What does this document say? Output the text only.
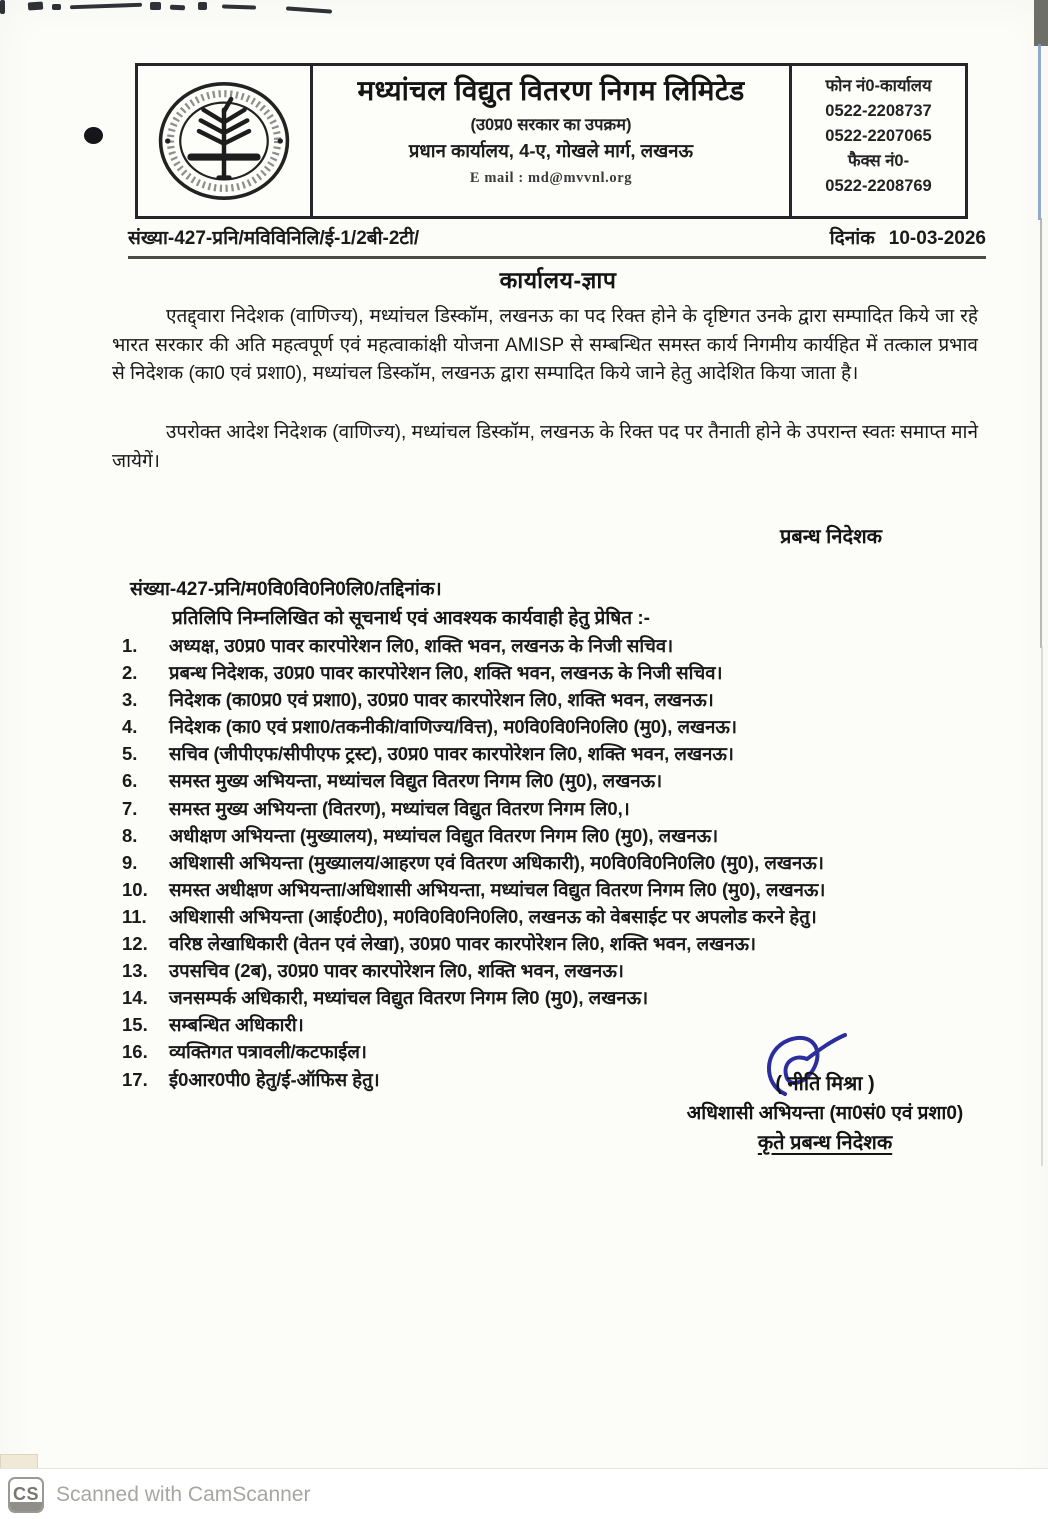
मध्यांचल विद्युत वितरण निगम लिमिटेड
(उ0प्र0 सरकार का उपक्रम)
प्रधान कार्यालय, 4-ए, गोखले मार्ग, लखनऊ
E mail : md@mvvnl.org
फोन नं0-कार्यालय
0522-2208737
0522-2207065
फैक्स नं0-
0522-2208769
संख्या-427-प्रनि/मविविनिलि/ई-1/2बी-2टी/	दिनांक 10-03-2026
कार्यालय-ज्ञाप
एतद्द्वारा निदेशक (वाणिज्य), मध्यांचल डिस्कॉम, लखनऊ का पद रिक्त होने के दृष्टिगत उनके द्वारा सम्पादित किये जा रहे भारत सरकार की अति महत्वपूर्ण एवं महत्वाकांक्षी योजना AMISP से सम्बन्धित समस्त कार्य निगमीय कार्यहित में तत्काल प्रभाव से निदेशक (का0 एवं प्रशा0), मध्यांचल डिस्कॉम, लखनऊ द्वारा सम्पादित किये जाने हेतु आदेशित किया जाता है।
उपरोक्त आदेश निदेशक (वाणिज्य), मध्यांचल डिस्कॉम, लखनऊ के रिक्त पद पर तैनाती होने के उपरान्त स्वतः समाप्त माने जायेगें।
प्रबन्ध निदेशक
संख्या-427-प्रनि/म0वि0वि0नि0लि0/तद्दिनांक।
प्रतिलिपि निम्नलिखित को सूचनार्थ एवं आवश्यक कार्यवाही हेतु प्रेषित :-
1.	अध्यक्ष, उ0प्र0 पावर कारपोरेशन लि0, शक्ति भवन, लखनऊ के निजी सचिव।
2.	प्रबन्ध निदेशक, उ0प्र0 पावर कारपोरेशन लि0, शक्ति भवन, लखनऊ के निजी सचिव।
3.	निदेशक (का0प्र0 एवं प्रशा0), उ0प्र0 पावर कारपोरेशन लि0, शक्ति भवन, लखनऊ।
4.	निदेशक (का0 एवं प्रशा0/तकनीकी/वाणिज्य/वित्त), म0वि0वि0नि0लि0 (मु0), लखनऊ।
5.	सचिव (जीपीएफ/सीपीएफ ट्रस्ट), उ0प्र0 पावर कारपोरेशन लि0, शक्ति भवन, लखनऊ।
6.	समस्त मुख्य अभियन्ता, मध्यांचल विद्युत वितरण निगम लि0 (मु0), लखनऊ।
7.	समस्त मुख्य अभियन्ता (वितरण), मध्यांचल विद्युत वितरण निगम लि0,।
8.	अधीक्षण अभियन्ता (मुख्यालय), मध्यांचल विद्युत वितरण निगम लि0 (मु0), लखनऊ।
9.	अधिशासी अभियन्ता (मुख्यालय/आहरण एवं वितरण अधिकारी), म0वि0वि0नि0लि0 (मु0), लखनऊ।
10.	समस्त अधीक्षण अभियन्ता/अधिशासी अभियन्ता, मध्यांचल विद्युत वितरण निगम लि0 (मु0), लखनऊ।
11.	अधिशासी अभियन्ता (आई0टी0), म0वि0वि0नि0लि0, लखनऊ को वेबसाईट पर अपलोड करने हेतु।
12.	वरिष्ठ लेखाधिकारी (वेतन एवं लेखा), उ0प्र0 पावर कारपोरेशन लि0, शक्ति भवन, लखनऊ।
13.	उपसचिव (2ब), उ0प्र0 पावर कारपोरेशन लि0, शक्ति भवन, लखनऊ।
14.	जनसम्पर्क अधिकारी, मध्यांचल विद्युत वितरण निगम लि0 (मु0), लखनऊ।
15.	सम्बन्धित अधिकारी।
16.	व्यक्तिगत पत्रावली/कटफाईल।
17.	ई0आर0पी0 हेतु/ई-ऑफिस हेतु।	( नीति मिश्रा )
अधिशासी अभियन्ता (मा0सं0 एवं प्रशा0)
कृते प्रबन्ध निदेशक
CS Scanned with CamScanner
